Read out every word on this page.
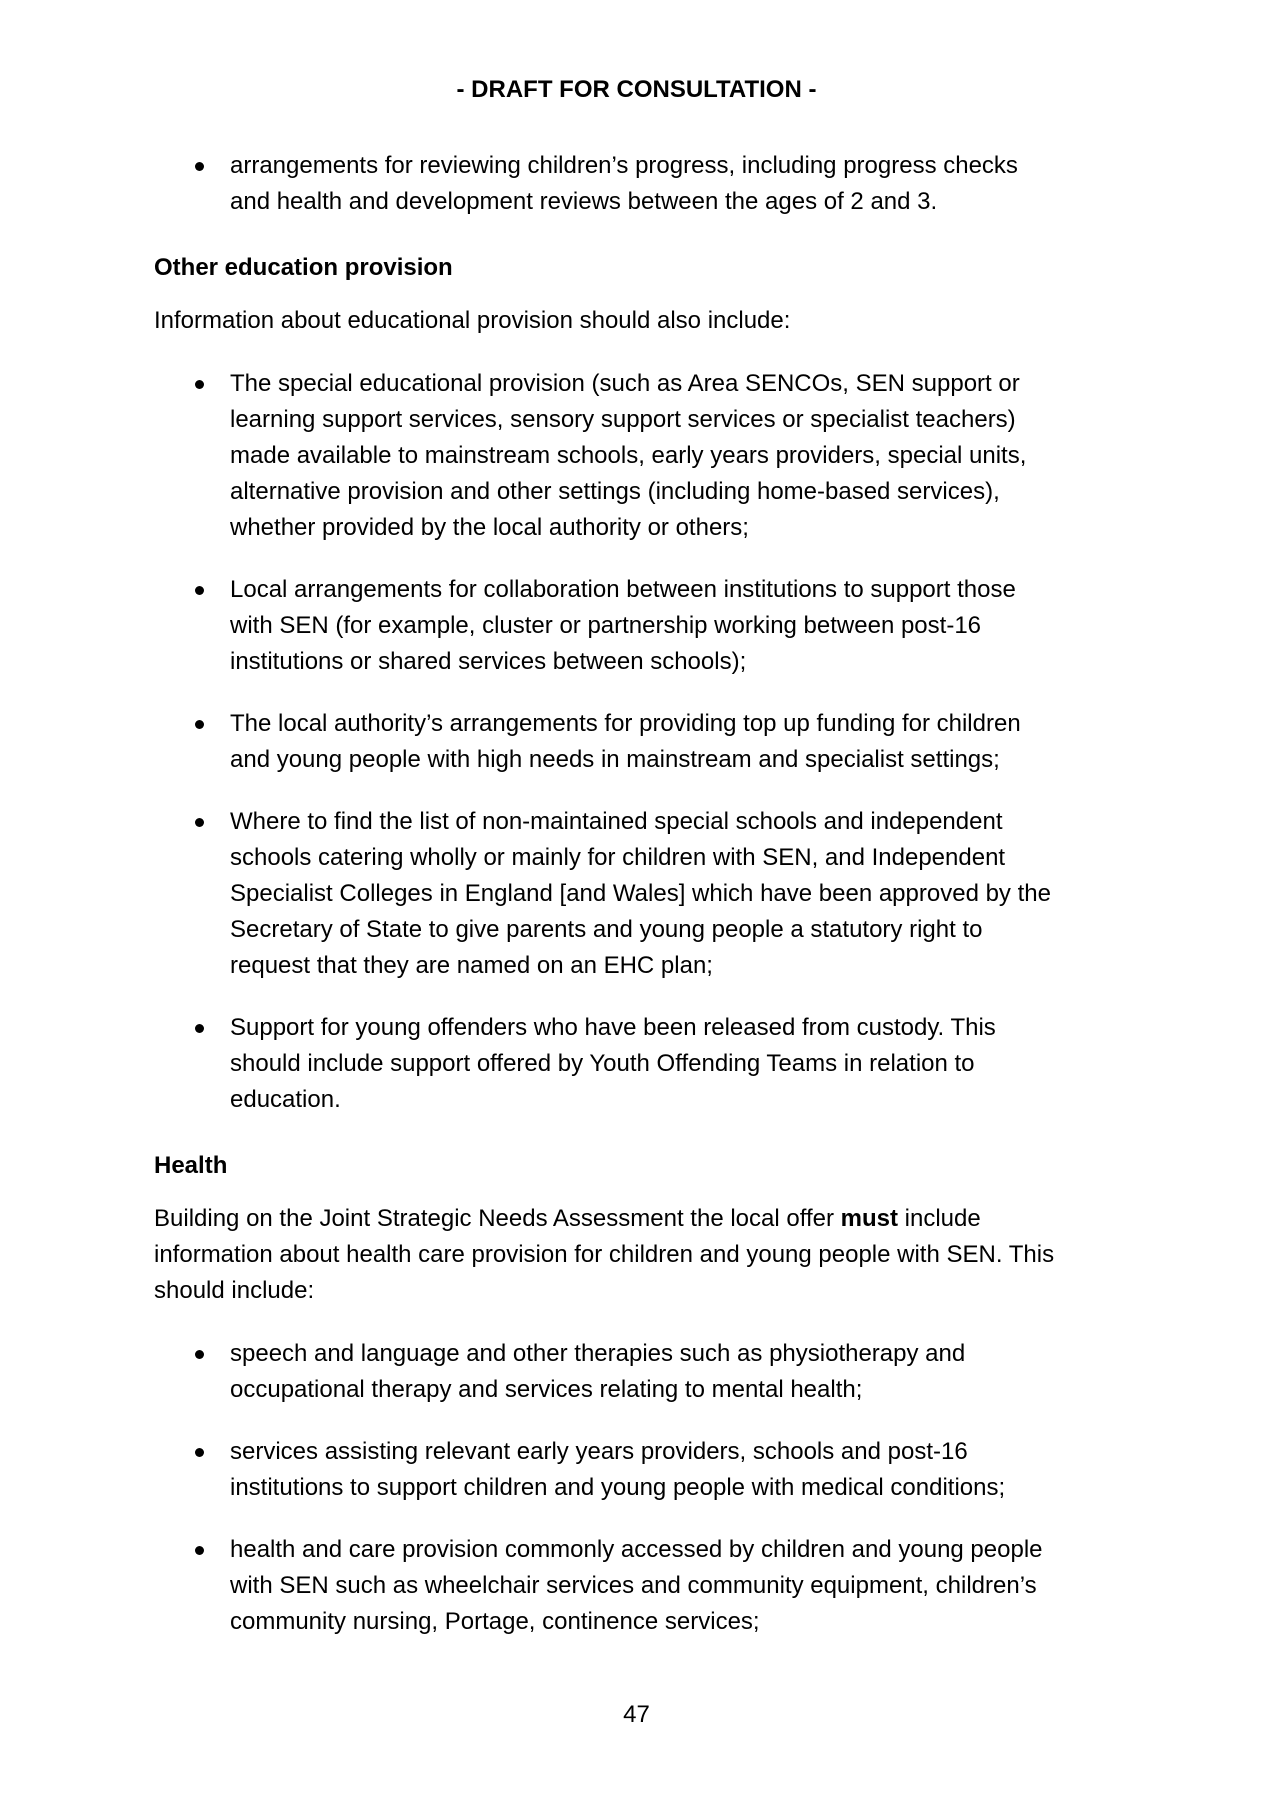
- DRAFT FOR CONSULTATION -
arrangements for reviewing children’s progress, including progress checks
and health and development reviews between the ages of 2 and 3.
Other education provision
Information about educational provision should also include:
The special educational provision (such as Area SENCOs, SEN support or
learning support services, sensory support services or specialist teachers)
made available to mainstream schools, early years providers, special units,
alternative provision and other settings (including home-based services),
whether provided by the local authority or others;
Local arrangements for collaboration between institutions to support those
with SEN (for example, cluster or partnership working between post-16
institutions or shared services between schools);
The local authority’s arrangements for providing top up funding for children
and young people with high needs in mainstream and specialist settings;
Where to find the list of non-maintained special schools and independent
schools catering wholly or mainly for children with SEN, and Independent
Specialist Colleges in England [and Wales] which have been approved by the
Secretary of State to give parents and young people a statutory right to
request that they are named on an EHC plan;
Support for young offenders who have been released from custody. This
should include support offered by Youth Offending Teams in relation to
education.
Health
Building on the Joint Strategic Needs Assessment the local offer must include
information about health care provision for children and young people with SEN. This
should include:
speech and language and other therapies such as physiotherapy and
occupational therapy and services relating to mental health;
services assisting relevant early years providers, schools and post-16
institutions to support children and young people with medical conditions;
health and care provision commonly accessed by children and young people
with SEN such as wheelchair services and community equipment, children’s
community nursing, Portage, continence services;
47
